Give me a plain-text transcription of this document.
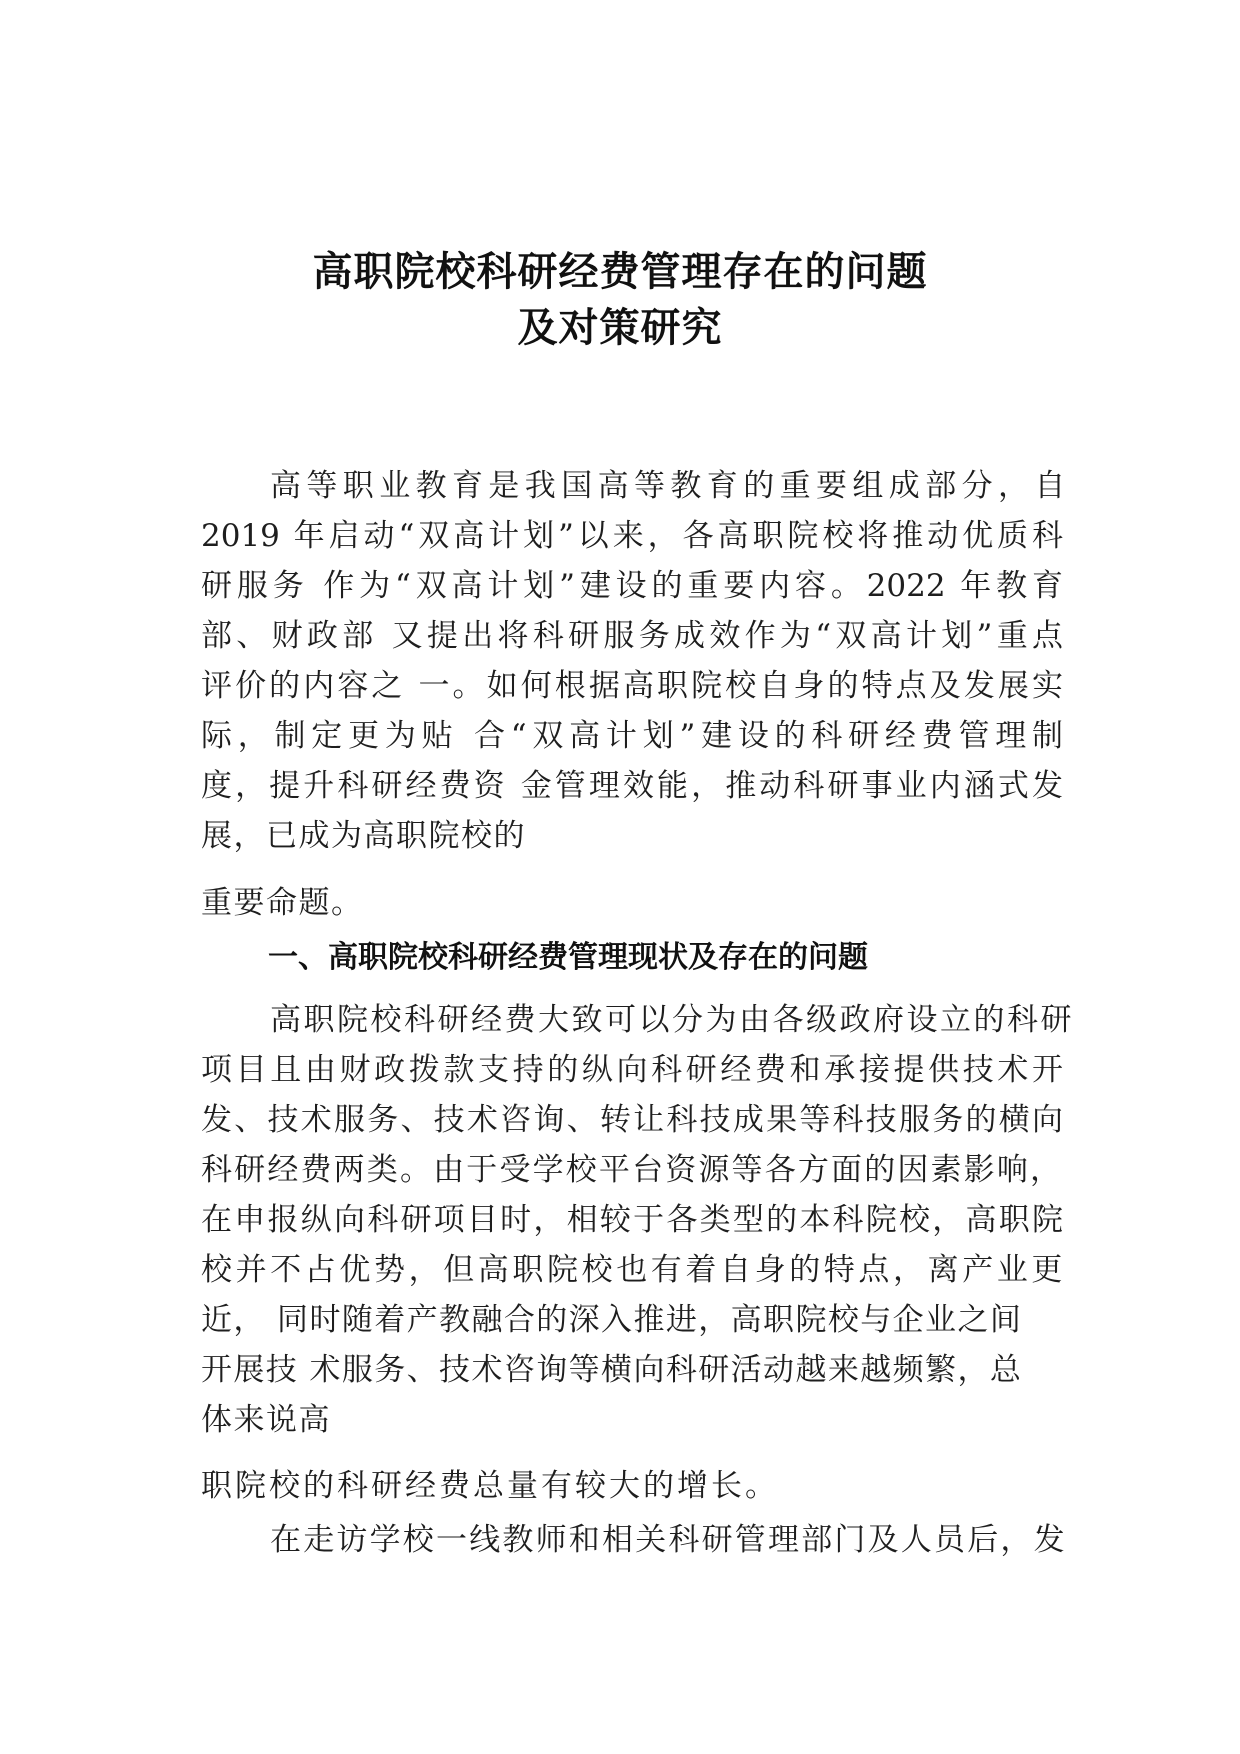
高职院校科研经费管理存在的问题
及对策研究

高等职业教育是我国高等教育的重要组成部分，自

2019 年启动“双高计划”以来，各高职院校将推动优质科

研服务 作为“双高计划”建设的重要内容。2022 年教育

部、财政部 又提出将科研服务成效作为“双高计划”重点

评价的内容之 一。如何根据高职院校自身的特点及发展实

际，制定更为贴 合“双高计划”建设的科研经费管理制

度，提升科研经费资 金管理效能，推动科研事业内涵式发

展，已成为高职院校的

重要命题。

一、高职院校科研经费管理现状及存在的问题

高职院校科研经费大致可以分为由各级政府设立的科研

项目且由财政拨款支持的纵向科研经费和承接提供技术开

发、技术服务、技术咨询、转让科技成果等科技服务的横向

科研经费两类。由于受学校平台资源等各方面的因素影响，

在申报纵向科研项目时，相较于各类型的本科院校，高职院

校并不占优势，但高职院校也有着自身的特点，离产业更

近， 同时随着产教融合的深入推进，高职院校与企业之间

开展技 术服务、技术咨询等横向科研活动越来越频繁，总

体来说高

职院校的科研经费总量有较大的增长。

在走访学校一线教师和相关科研管理部门及人员后，发
